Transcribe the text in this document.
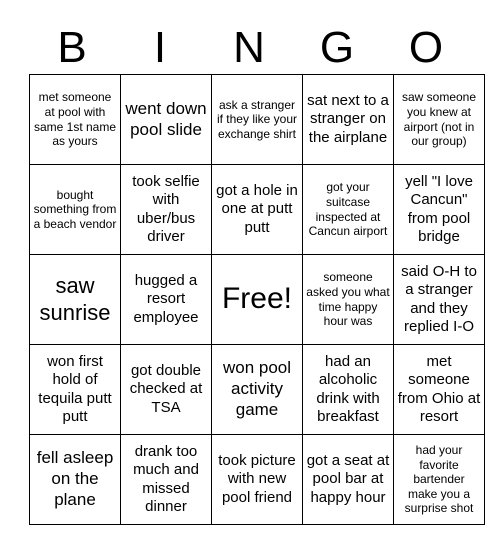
B	I	N	G	O
met someone at pool with same 1st name as yours	went down pool slide	ask a stranger if they like your exchange shirt	sat next to a stranger on the airplane	saw someone you knew at airport (not in our group)
bought something from a beach vendor	took selfie with uber/bus driver	got a hole in one at putt putt	got your suitcase inspected at Cancun airport	yell "I love Cancun" from pool bridge
saw sunrise	hugged a resort employee	Free!	someone asked you what time happy hour was	said O-H to a stranger and they replied I-O
won first hold of tequila putt putt	got double checked at TSA	won pool activity game	had an alcoholic drink with breakfast	met someone from Ohio at resort
fell asleep on the plane	drank too much and missed dinner	took picture with new pool friend	got a seat at pool bar at happy hour	had your favorite bartender make you a surprise shot
